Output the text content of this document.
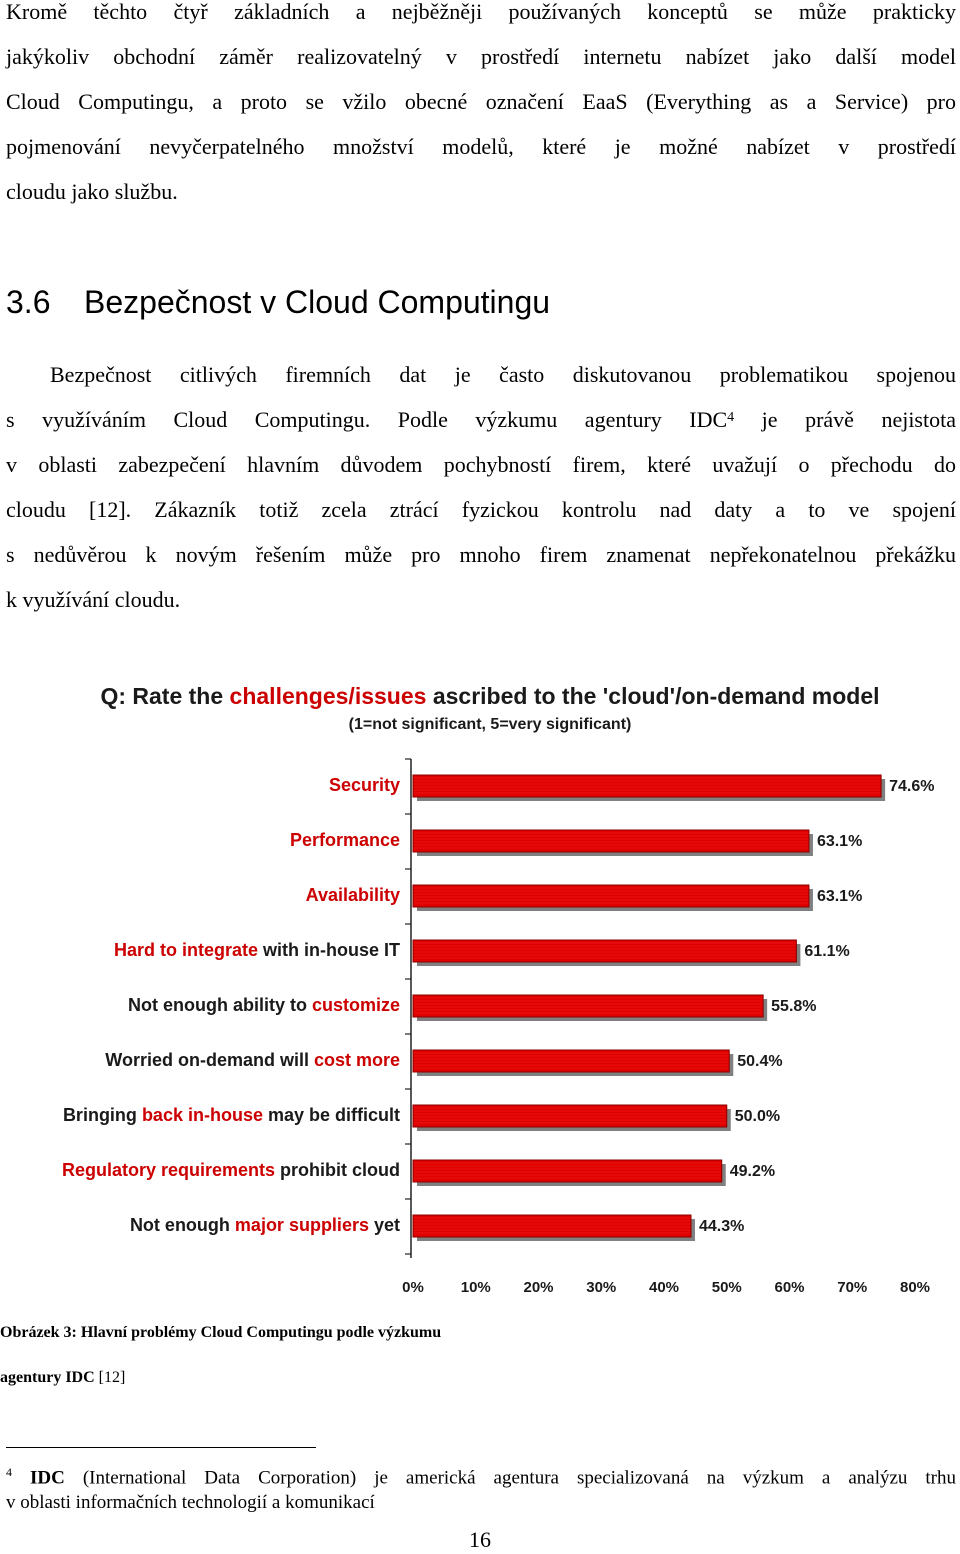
Kromě těchto čtyř základních a nejběžněji používaných konceptů se může prakticky
jakýkoliv obchodní záměr realizovatelný v prostředí internetu nabízet jako další model
Cloud Computingu, a proto se vžilo obecné označení EaaS (Everything as a Service) pro
pojmenování nevyčerpatelného množství modelů, které je možné nabízet v prostředí
cloudu jako službu.
3.6 Bezpečnost v Cloud Computingu
Bezpečnost citlivých firemních dat je často diskutovanou problematikou spojenou
s využíváním Cloud Computingu. Podle výzkumu agentury IDC$^4$ je právě nejistota
v oblasti zabezpečení hlavním důvodem pochybností firem, které uvažují o přechodu do
cloudu [12]. Zákazník totiž zcela ztrácí fyzickou kontrolu nad daty a to ve spojení
s nedůvěrou k novým řešením může pro mnoho firem znamenat nepřekonatelnou překážku
k využívání cloudu.
Q: Rate the challenges/issues ascribed to the 'cloud'/on-demand model
(1=not significant, 5=very significant)
74.6%
Security
63.1%
Performance
63.1%
Availability
61.1%
Hard to integrate with in-house IT
55.8%
Not enough ability to customize
50.4%
Worried on-demand will cost more
50.0%
Bringing back in-house may be difficult
49.2%
Regulatory requirements prohibit cloud
44.3%
Not enough major suppliers yet
0% 10% 20% 30% 40% 50% 60% 70% 80%
Obrázek 3: Hlavní problémy Cloud Computingu podle výzkumu
agentury IDC [12]
$^4$ IDC (International Data Corporation) je americká agentura specializovaná na výzkum a analýzu trhu
v oblasti informačních technologií a komunikací
16
